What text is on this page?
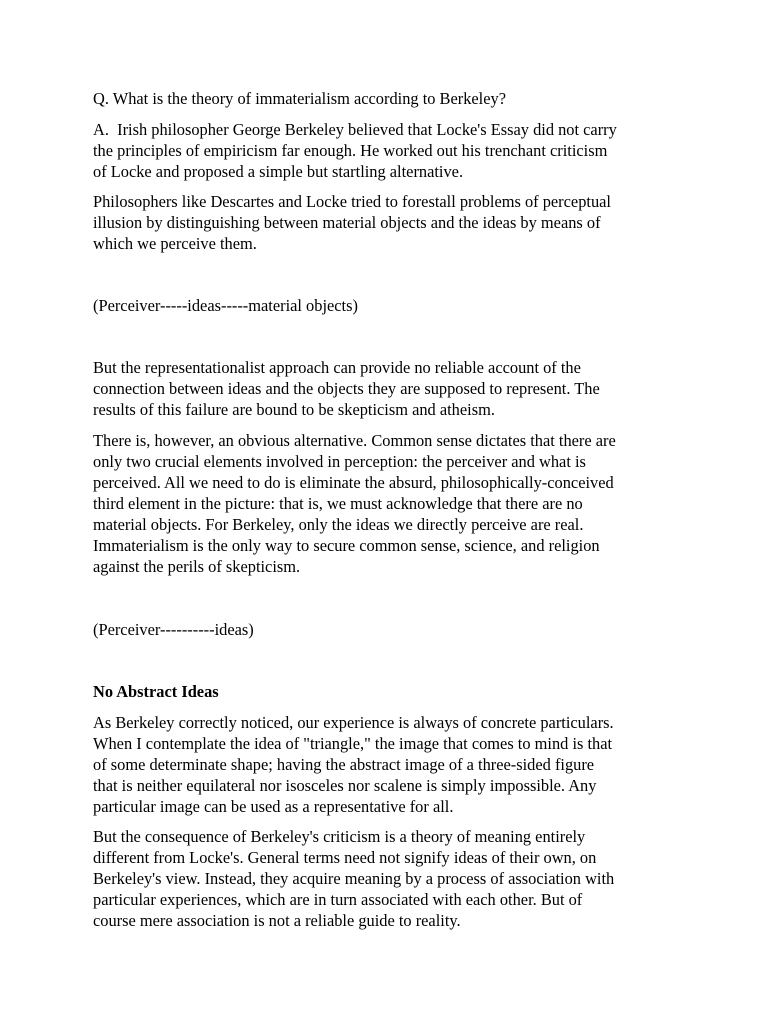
Q. What is the theory of immaterialism according to Berkeley?

A.  Irish philosopher George Berkeley believed that Locke's Essay did not carry
the principles of empiricism far enough. He worked out his trenchant criticism
of Locke and proposed a simple but startling alternative.

Philosophers like Descartes and Locke tried to forestall problems of perceptual
illusion by distinguishing between material objects and the ideas by means of
which we perceive them.

(Perceiver-----ideas-----material objects)

But the representationalist approach can provide no reliable account of the
connection between ideas and the objects they are supposed to represent. The
results of this failure are bound to be skepticism and atheism.

There is, however, an obvious alternative. Common sense dictates that there are
only two crucial elements involved in perception: the perceiver and what is
perceived. All we need to do is eliminate the absurd, philosophically-conceived
third element in the picture: that is, we must acknowledge that there are no
material objects. For Berkeley, only the ideas we directly perceive are real.
Immaterialism is the only way to secure common sense, science, and religion
against the perils of skepticism.

(Perceiver----------ideas)

No Abstract Ideas

As Berkeley correctly noticed, our experience is always of concrete particulars.
When I contemplate the idea of "triangle," the image that comes to mind is that
of some determinate shape; having the abstract image of a three-sided figure
that is neither equilateral nor isosceles nor scalene is simply impossible. Any
particular image can be used as a representative for all.

But the consequence of Berkeley's criticism is a theory of meaning entirely
different from Locke's. General terms need not signify ideas of their own, on
Berkeley's view. Instead, they acquire meaning by a process of association with
particular experiences, which are in turn associated with each other. But of
course mere association is not a reliable guide to reality.
